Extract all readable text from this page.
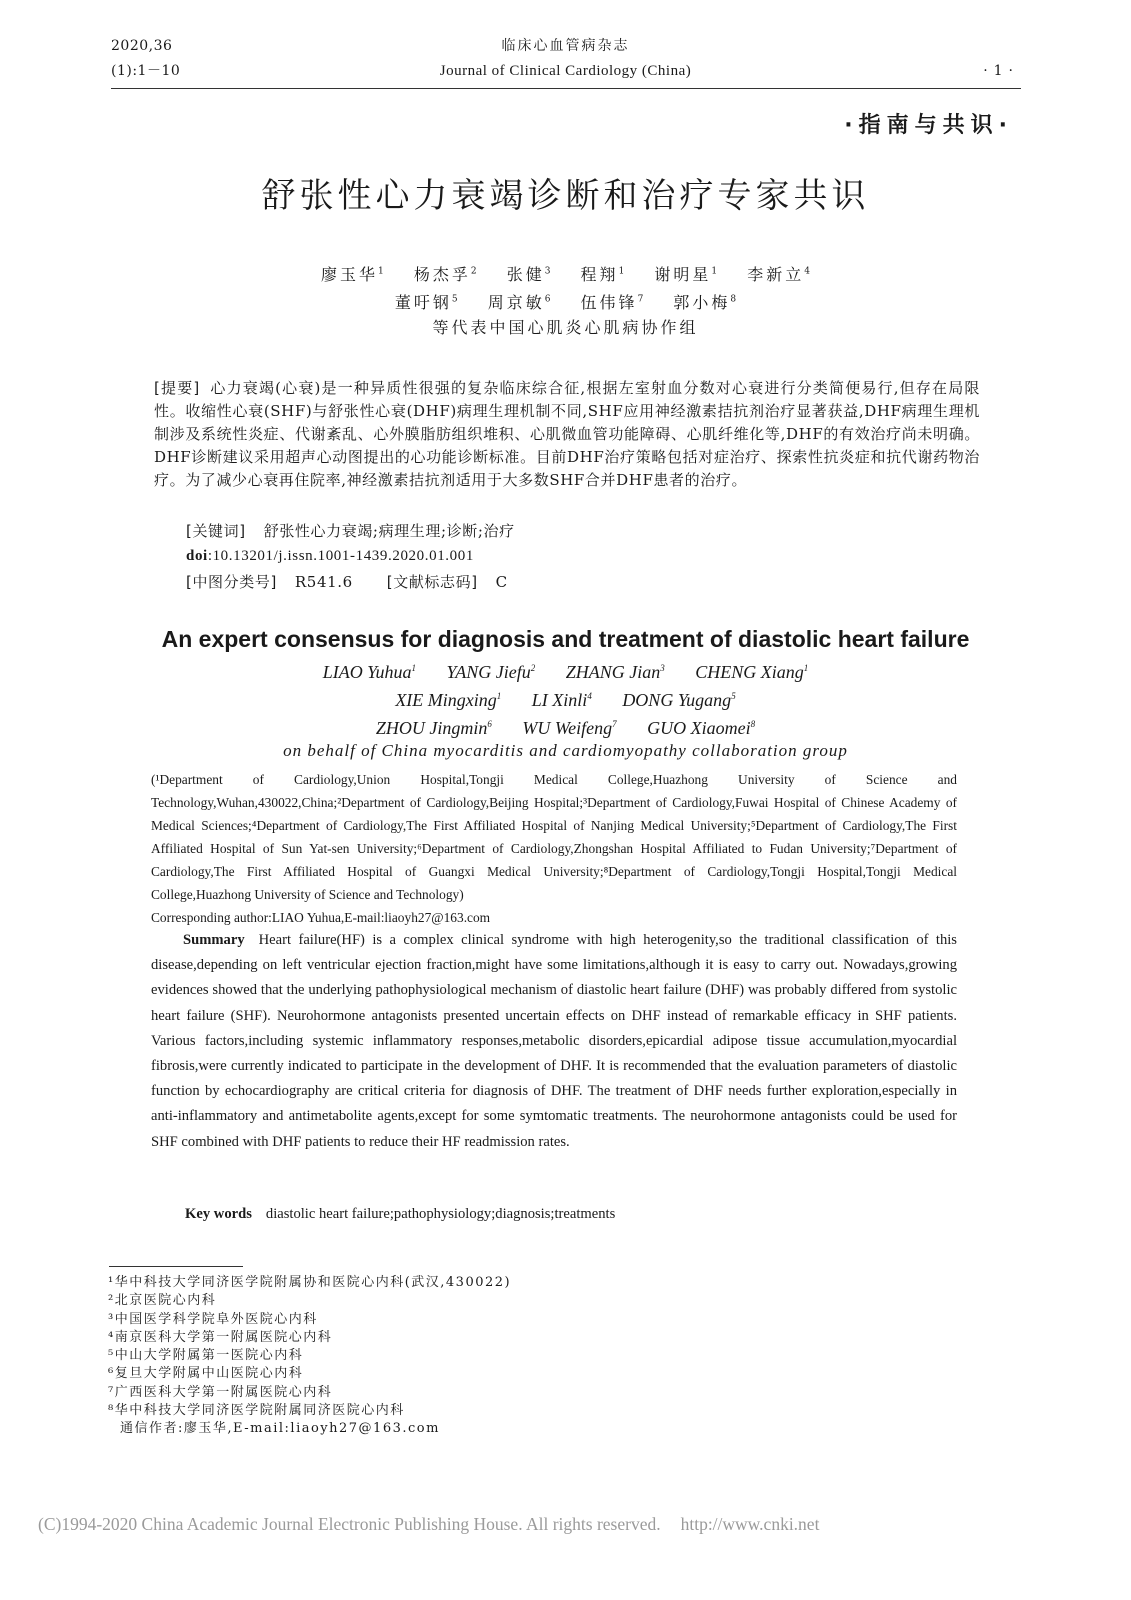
2020,36
(1):1－10
临床心血管病杂志
Journal of Clinical Cardiology (China)	·1·
·指南与共识·
舒张性心力衰竭诊断和治疗专家共识
廖玉华$^1$ 杨杰孚$^2$ 张健$^3$ 程翔$^1$ 谢明星$^1$ 李新立$^4$
董吁钢$^5$ 周京敏$^6$ 伍伟锋$^7$ 郭小梅$^8$
等代表中国心肌炎心肌病协作组
[提要] 心力衰竭(心衰)是一种异质性很强的复杂临床综合征,根据左室射血分数对心衰进行分类简便易行,但存在局限性。收缩性心衰(SHF)与舒张性心衰(DHF)病理生理机制不同,SHF应用神经激素拮抗剂治疗显著获益,DHF病理生理机制涉及系统性炎症、代谢紊乱、心外膜脂肪组织堆积、心肌微血管功能障碍、心肌纤维化等,DHF的有效治疗尚未明确。DHF诊断建议采用超声心动图提出的心功能诊断标准。目前DHF治疗策略包括对症治疗、探索性抗炎症和抗代谢药物治疗。为了减少心衰再住院率,神经激素拮抗剂适用于大多数SHF合并DHF患者的治疗。
[关键词] 舒张性心力衰竭;病理生理;诊断;治疗
doi:10.13201/j.issn.1001-1439.2020.01.001
[中图分类号] R541.6 [文献标志码] C
An expert consensus for diagnosis and treatment of diastolic heart failure
LIAO Yuhua$^1$ YANG Jiefu$^2$ ZHANG Jian$^3$ CHENG Xiang$^1$
XIE Mingxing$^1$ LI Xinli$^4$ DONG Yugang$^5$
ZHOU Jingmin$^6$ WU Weifeng$^7$ GUO Xiaomei$^8$
on behalf of China myocarditis and cardiomyopathy collaboration group
(¹Department of Cardiology,Union Hospital,Tongji Medical College,Huazhong University of Science and Technology,Wuhan,430022,China;²Department of Cardiology,Beijing Hospital;³Department of Cardiology,Fuwai Hospital of Chinese Academy of Medical Sciences;⁴Department of Cardiology,The First Affiliated Hospital of Nanjing Medical University;⁵Department of Cardiology,The First Affiliated Hospital of Sun Yat-sen University;⁶Department of Cardiology,Zhongshan Hospital Affiliated to Fudan University;⁷Department of Cardiology,The First Affiliated Hospital of Guangxi Medical University;⁸Department of Cardiology,Tongji Hospital,Tongji Medical College,Huazhong University of Science and Technology)
Corresponding author:LIAO Yuhua,E-mail:liaoyh27@163.com
Summary Heart failure(HF) is a complex clinical syndrome with high heterogenity,so the traditional classification of this disease,depending on left ventricular ejection fraction,might have some limitations,although it is easy to carry out. Nowadays,growing evidences showed that the underlying pathophysiological mechanism of diastolic heart failure (DHF) was probably differed from systolic heart failure (SHF). Neurohormone antagonists presented uncertain effects on DHF instead of remarkable efficacy in SHF patients. Various factors,including systemic inflammatory responses,metabolic disorders,epicardial adipose tissue accumulation,myocardial fibrosis,were currently indicated to participate in the development of DHF. It is recommended that the evaluation parameters of diastolic function by echocardiography are critical criteria for diagnosis of DHF. The treatment of DHF needs further exploration,especially in anti-inflammatory and antimetabolite agents,except for some symtomatic treatments. The neurohormone antagonists could be used for SHF combined with DHF patients to reduce their HF readmission rates.
Key words diastolic heart failure;pathophysiology;diagnosis;treatments
¹华中科技大学同济医学院附属协和医院心内科(武汉,430022)
²北京医院心内科
³中国医学科学院阜外医院心内科
⁴南京医科大学第一附属医院心内科
⁵中山大学附属第一医院心内科
⁶复旦大学附属中山医院心内科
⁷广西医科大学第一附属医院心内科
⁸华中科技大学同济医学院附属同济医院心内科
通信作者:廖玉华,E-mail:liaoyh27@163.com
(C)1994-2020 China Academic Journal Electronic Publishing House. All rights reserved. http://www.cnki.net
